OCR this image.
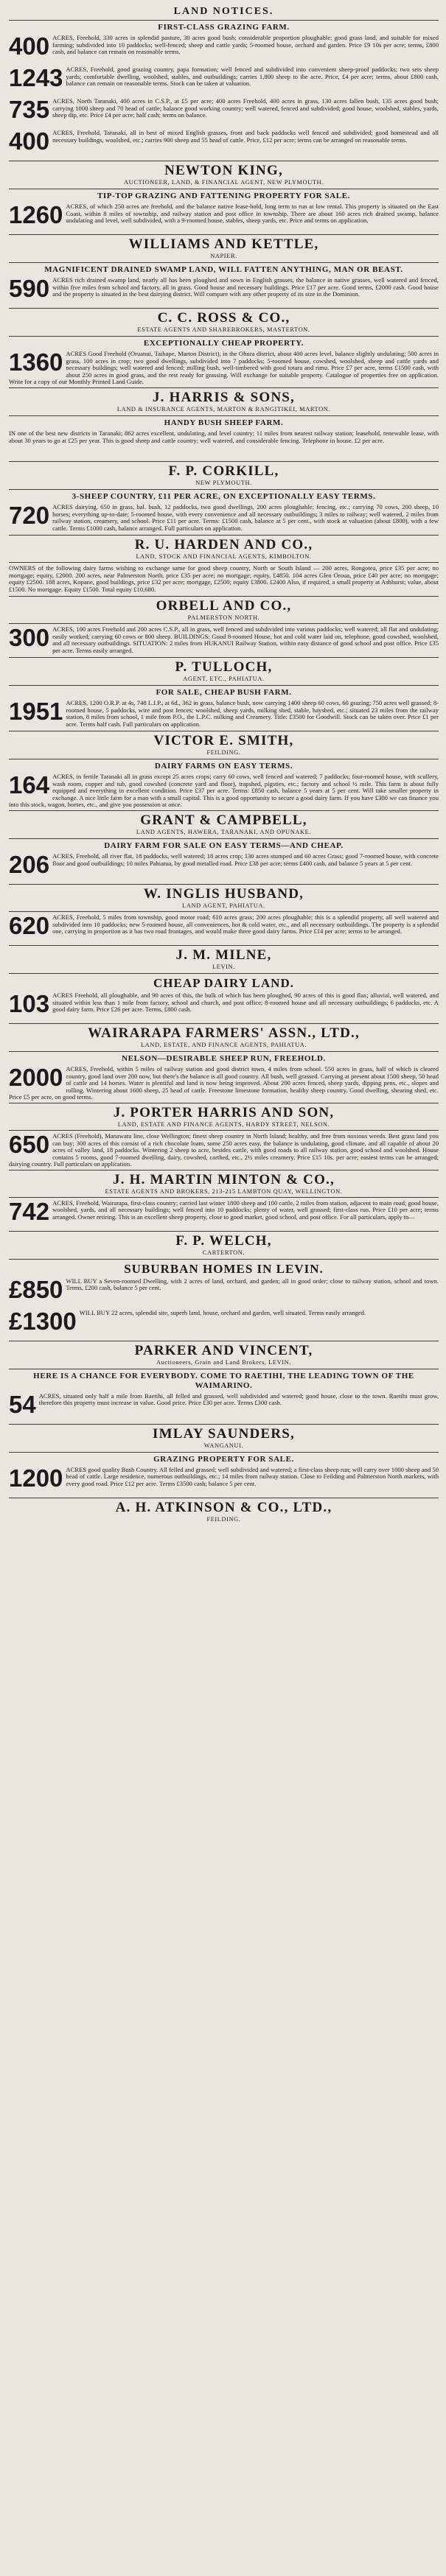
LAND NOTICES.
FIRST-CLASS GRAZING FARM.
400 ACRES, Freehold, 330 acres in splendid pasture, 30 acres good bush; considerable proportion ploughable; good grass land, and suitable for mixed farming; subdivided into 10 paddocks; well-fenced; sheep and cattle yards; 5-roomed house, orchard and garden. Price £9 10s per acre; terms, £800 cash, and balance can remain on reasonable terms.
1243 ACRES, Freehold, good grazing country, papa formation; well fenced and subdivided into convenient sheep-proof paddocks; two sets sheep yards; comfortable dwelling, woolshed, stables, and outbuildings; carries 1,800 sheep to the acre. Price, £4 per acre; terms, about £800 cash, balance can remain on reasonable terms. Stock can be taken at valuation.
735 ACRES, North Taranaki, 400 acres in C.S.P., at £5 per acre; 400 acres Freehold, 400 acres in grass, 130 acres fallen bush, 135 acres good bush; carrying 1000 sheep and 70 head of cattle; balance good working country; well watered, fenced and subdivided; good house, woolshed, stables, yards, sheep dip, etc. Price £4 per acre; half cash; terms on balance.
400 ACRES, Freehold, Taranaki, all in best of mixed English grasses, front and back paddocks well fenced and subdivided; good homestead and all necessary buildings, woolshed, etc.; carries 900 sheep and 55 head of cattle. Price, £12 per acre; terms can be arranged on reasonable terms.
NEWTON KING,
AUCTIONEER, LAND, & FINANCIAL AGENT, NEW PLYMOUTH.
TIP-TOP GRAZING AND FATTENING PROPERTY FOR SALE.
1260 ACRES, of which 250 acres are freehold, and the balance native lease-hold, long term to run at low rental. This property is situated on the East Coast, within 8 miles of township, and railway station and post office in township. There are about 160 acres rich drained swamp, balance undulating and level, well subdivided, with a 9-roomed house, stables, sheep yards, etc. Price and terms on application.
WILLIAMS AND KETTLE,
NAPIER.
MAGNIFICENT DRAINED SWAMP LAND, WILL FATTEN ANYTHING, MAN OR BEAST.
590 ACRES rich drained swamp land, nearly all has been ploughed and sown in English grasses, the balance in native grasses, well watered and fenced, within five miles from school and factory, all in grass. Good house and necessary buildings. Price £17 per acre. Good terms, £2000 cash. Good house and the property is situated in the best dairying district. Will compare with any other property of its size in the Dominion.
C. C. ROSS & CO.,
ESTATE AGENTS AND SHAREBROKERS, MASTERTON.
EXCEPTIONALLY CHEAP PROPERTY.
1360 ACRES Good Freehold (Oruanui, Taihape, Marton District), in the Ohura district, about 400 acres level, balance slightly undulating; 500 acres in grass, 100 acres in crop; two good dwellings, subdivided into 7 paddocks; 5-roomed house, cowshed, woolshed, sheep and cattle yards and necessary buildings; well watered and fenced; milling bush, well-timbered with good totara and rimu. Price £7 per acre, terms £1500 cash, with about 250 acres in good grass, and the rest ready for grassing. Will exchange for suitable property. Catalogue of properties free on application. Write for a copy of our Monthly Printed Land Guide.
J. HARRIS & SONS,
LAND & INSURANCE AGENTS, MARTON & RANGITIKEI, MARTON.
HANDY BUSH SHEEP FARM.
IN one of the best new districts in Taranaki; 862 acres excellent, undulating, and level country; 11 miles from nearest railway station; leasehold, renewable lease, with about 30 years to go at £25 per year. This is good sheep and cattle country; well watered, and considerable fencing. Telephone in house. £2 per acre.
F. P. CORKILL,
NEW PLYMOUTH.
3-SHEEP COUNTRY, £11 PER ACRE, ON EXCEPTIONALLY EASY TERMS.
720 ACRES dairying, 650 in grass, bal. bush, 12 paddocks, two good dwellings, 200 acres ploughable; fencing, etc.; carrying 70 cows, 200 sheep, 10 horses; everything up-to-date; 5-roomed house, with every convenience and all necessary outbuildings; 3 miles to railway; well watered, 2 miles from railway station, creamery, and school. Price £11 per acre. Terms: £1500 cash, balance at 5 per cent., with stock at valuation (about £800), with a few cattle. Terms £1000 cash, balance arranged. Full particulars on application.
R. U. HARDEN AND CO.,
LAND, STOCK AND FINANCIAL AGENTS, KIMBOLTON.
OWNERS of the following dairy farms wishing to exchange same for good sheep country, North or South Island — 200 acres, Rongotea, price £35 per acre; no mortgage; equity, £2000. 200 acres, near Palmerston North, price £35 per acre; no mortgage; equity, £4850. 104 acres Glen Oroua, price £40 per acre; no mortgage; equity £2500. 188 acres, Kopane, good buildings, price £32 per acre; mortgage, £2500; equity £3800. £2400 Also, if required, a small property at Ashhurst; value, about £1500. No mortgage. Equity £1500. Total equity £10,680.
ORBELL AND CO.,
PALMERSTON NORTH.
300 ACRES, 100 acres Freehold and 200 acres C.S.P., all in grass, well fenced and subdivided into various paddocks; well watered; all flat and undulating; easily worked; carrying 60 cows or 800 sheep. BUILDINGS: Good 8-roomed House, hot and cold water laid on, telephone, good cowshed, woolshed, and all necessary outbuildings. SITUATION: 2 miles from HUKANUI Railway Station, within easy distance of good school and post office. Price £35 per acre. Terms easily arranged.
P. TULLOCH,
AGENT, ETC., PAHIATUA.
FOR SALE, CHEAP BUSH FARM.
1951 ACRES, 1200 O.R.P. at 4s, 748 L.I.P., at 6d., 362 in grass, balance bush, now carrying 1400 sheep 60 cows, 60 grazing; 750 acres well grassed; 8-roomed house, 5 paddocks, wire and post fences; woolshed, sheep yards, milking shed, stable, hayshed, etc.; situated 23 miles from the railway station, 8 miles from school, 1 mile from P.O., the L.P.C. milking and Creamery. Title: £3500 for Goodwill. Stock can be taken over. Price £1 per acre. Terms half cash. Full particulars on application.
VICTOR E. SMITH,
FEILDING.
DAIRY FARMS ON EASY TERMS.
164 ACRES, in fertile Taranaki all in grass except 25 acres crops; carry 60 cows, well fenced and watered; 7 paddocks; four-roomed house, with scullery, wash room, copper and tub, good cowshed (concrete yard and floor), trapshed, pigsties, etc.; factory and school ½ mile. This farm is about fully equipped and everything in excellent condition. Price £37 per acre. Terms: £850 cash, balance 5 years at 5 per cent. Will take smaller property in exchange. A nice little farm for a man with a small capital. This is a good opportunity to secure a good dairy farm. If you have £300 we can finance you into this stock, wagon, horses, etc., and give you possession at once.
GRANT & CAMPBELL,
LAND AGENTS, HAWERA, TARANAKI, AND OPUNAKE.
DAIRY FARM FOR SALE ON EASY TERMS—AND CHEAP.
206 ACRES, Freehold, all river flat, 18 paddocks, well watered; 18 acres crop; 130 acres stumped and 60 acres Grass; good 7-roomed house, with concrete floor and good outbuildings; 10 miles Pahiatua, by good metalled road. Price £38 per acre; terms £400 cash, and balance 5 years at 5 per cent.
W. INGLIS HUSBAND,
LAND AGENT, PAHIATUA.
620 ACRES, Freehold, 5 miles from township, good motor road; 610 acres grass; 200 acres ploughable; this is a splendid property, all well watered and subdivided into 10 paddocks; new 5-roomed house, all conveniences, hot & cold water, etc., and all necessary outbuildings. The property is a splendid one, carrying in proportion as it has two road frontages, and would make three good dairy farms. Price £14 per acre; terms to be arranged.
J. M. MILNE,
LEVIN.
CHEAP DAIRY LAND.
103 ACRES Freehold, all ploughable, and 90 acres of this, the bulk of which has been ploughed, 90 acres of this is good flax; alluvial, well watered, and situated within less than 1 mile from factory, school and church, and post office; 8-roomed house and all necessary outbuildings; 6 paddocks, etc. A good dairy farm. Price £26 per acre. Terms, £800 cash.
WAIRARAPA FARMERS' ASSN., LTD.,
LAND, ESTATE, AND FINANCE AGENTS, PAHIATUA.
NELSON—DESIRABLE SHEEP RUN, FREEHOLD.
2000 ACRES, Freehold, within 5 miles of railway station and good district town, 4 miles from school. 550 acres in grass, half of which is cleared country, good land over 200 now, but there's the balance is all good country. All bush, well grassed. Carrying at present about 1500 sheep, 50 head of cattle and 14 horses. Water is plentiful and land is now being improved. About 200 acres fenced, sheep yards, dipping pens, etc., slopes and rolling. Wintering about 1600 sheep, 25 head of cattle. Freestone limestone formation, healthy sheep country. Good dwelling, shearing shed, etc. Price £5 per acre, on good terms.
J. PORTER HARRIS AND SON,
LAND, ESTATE AND FINANCE AGENTS, HARDY STREET, NELSON.
650 ACRES (Freehold), Manawatu line, close Wellington; finest sheep country in North Island; healthy, and free from noxious weeds. Best grass land you can buy; 300 acres of this consist of a rich chocolate loam, some 250 acres easy, the balance is undulating, good climate, and all capable of about 20 acres of valley land, 18 paddocks. Wintering 2 sheep to acre, besides cattle, with good roads to all railway station, good school and woolshed. House contains 5 rooms, good 7-roomed dwelling, dairy, cowshed, carthed, etc., 2½ miles creamery. Price £15 10s. per acre; easiest terms can be arranged; dairying country. Full particulars on application.
J. H. MARTIN MINTON & CO.,
ESTATE AGENTS AND BROKERS, 213-215 LAMBTON QUAY, WELLINGTON.
742 ACRES, Freehold, Wairarapa, first-class country; carried last winter 1800 sheep and 100 cattle, 2 miles from station, adjacent to main road; good house, woolshed, yards, and all necessary buildings; well fenced into 10 paddocks; plenty of water, well grassed; first-class run. Price £10 per acre; terms arranged. Owner retiring. This is an excellent sheep property, close to good market, good school, and post office. For all particulars, apply to—
F. P. WELCH,
CARTERTON.
SUBURBAN HOMES IN LEVIN.
£850 WILL BUY a Seven-roomed Dwelling, with 2 acres of land, orchard, and garden; all in good order; close to railway station, school and town. Terms, £200 cash, balance 5 per cent.
£1300 WILL BUY 22 acres, splendid site, superb land, house, orchard and garden, well situated. Terms easily arranged.
PARKER AND VINCENT,
Auctioneers, Grain and Land Brokers, LEVIN.
HERE IS A CHANCE FOR EVERYBODY. COME TO RAETIHI, THE LEADING TOWN OF THE WAIMARINO.
54 ACRES, situated only half a mile from Raetihi, all felled and grassed, well subdivided and watered; good house, close to the town. Raetihi must grow, therefore this property must increase in value. Good price. Price £30 per acre. Terms £300 cash.
IMLAY SAUNDERS,
WANGANUI.
GRAZING PROPERTY FOR SALE.
1200 ACRES good quality Bush Country. All felled and grassed; well subdivided and watered; a first-class sheep run; will carry over 1000 sheep and 50 head of cattle. Large residence, numerous outbuildings, etc.; 14 miles from railway station. Close to Feilding and Palmerston North markets, with every good road. Price £12 per acre. Terms £3500 cash; balance 5 per cent.
A. H. ATKINSON & CO., LTD.,
FEILDING.
